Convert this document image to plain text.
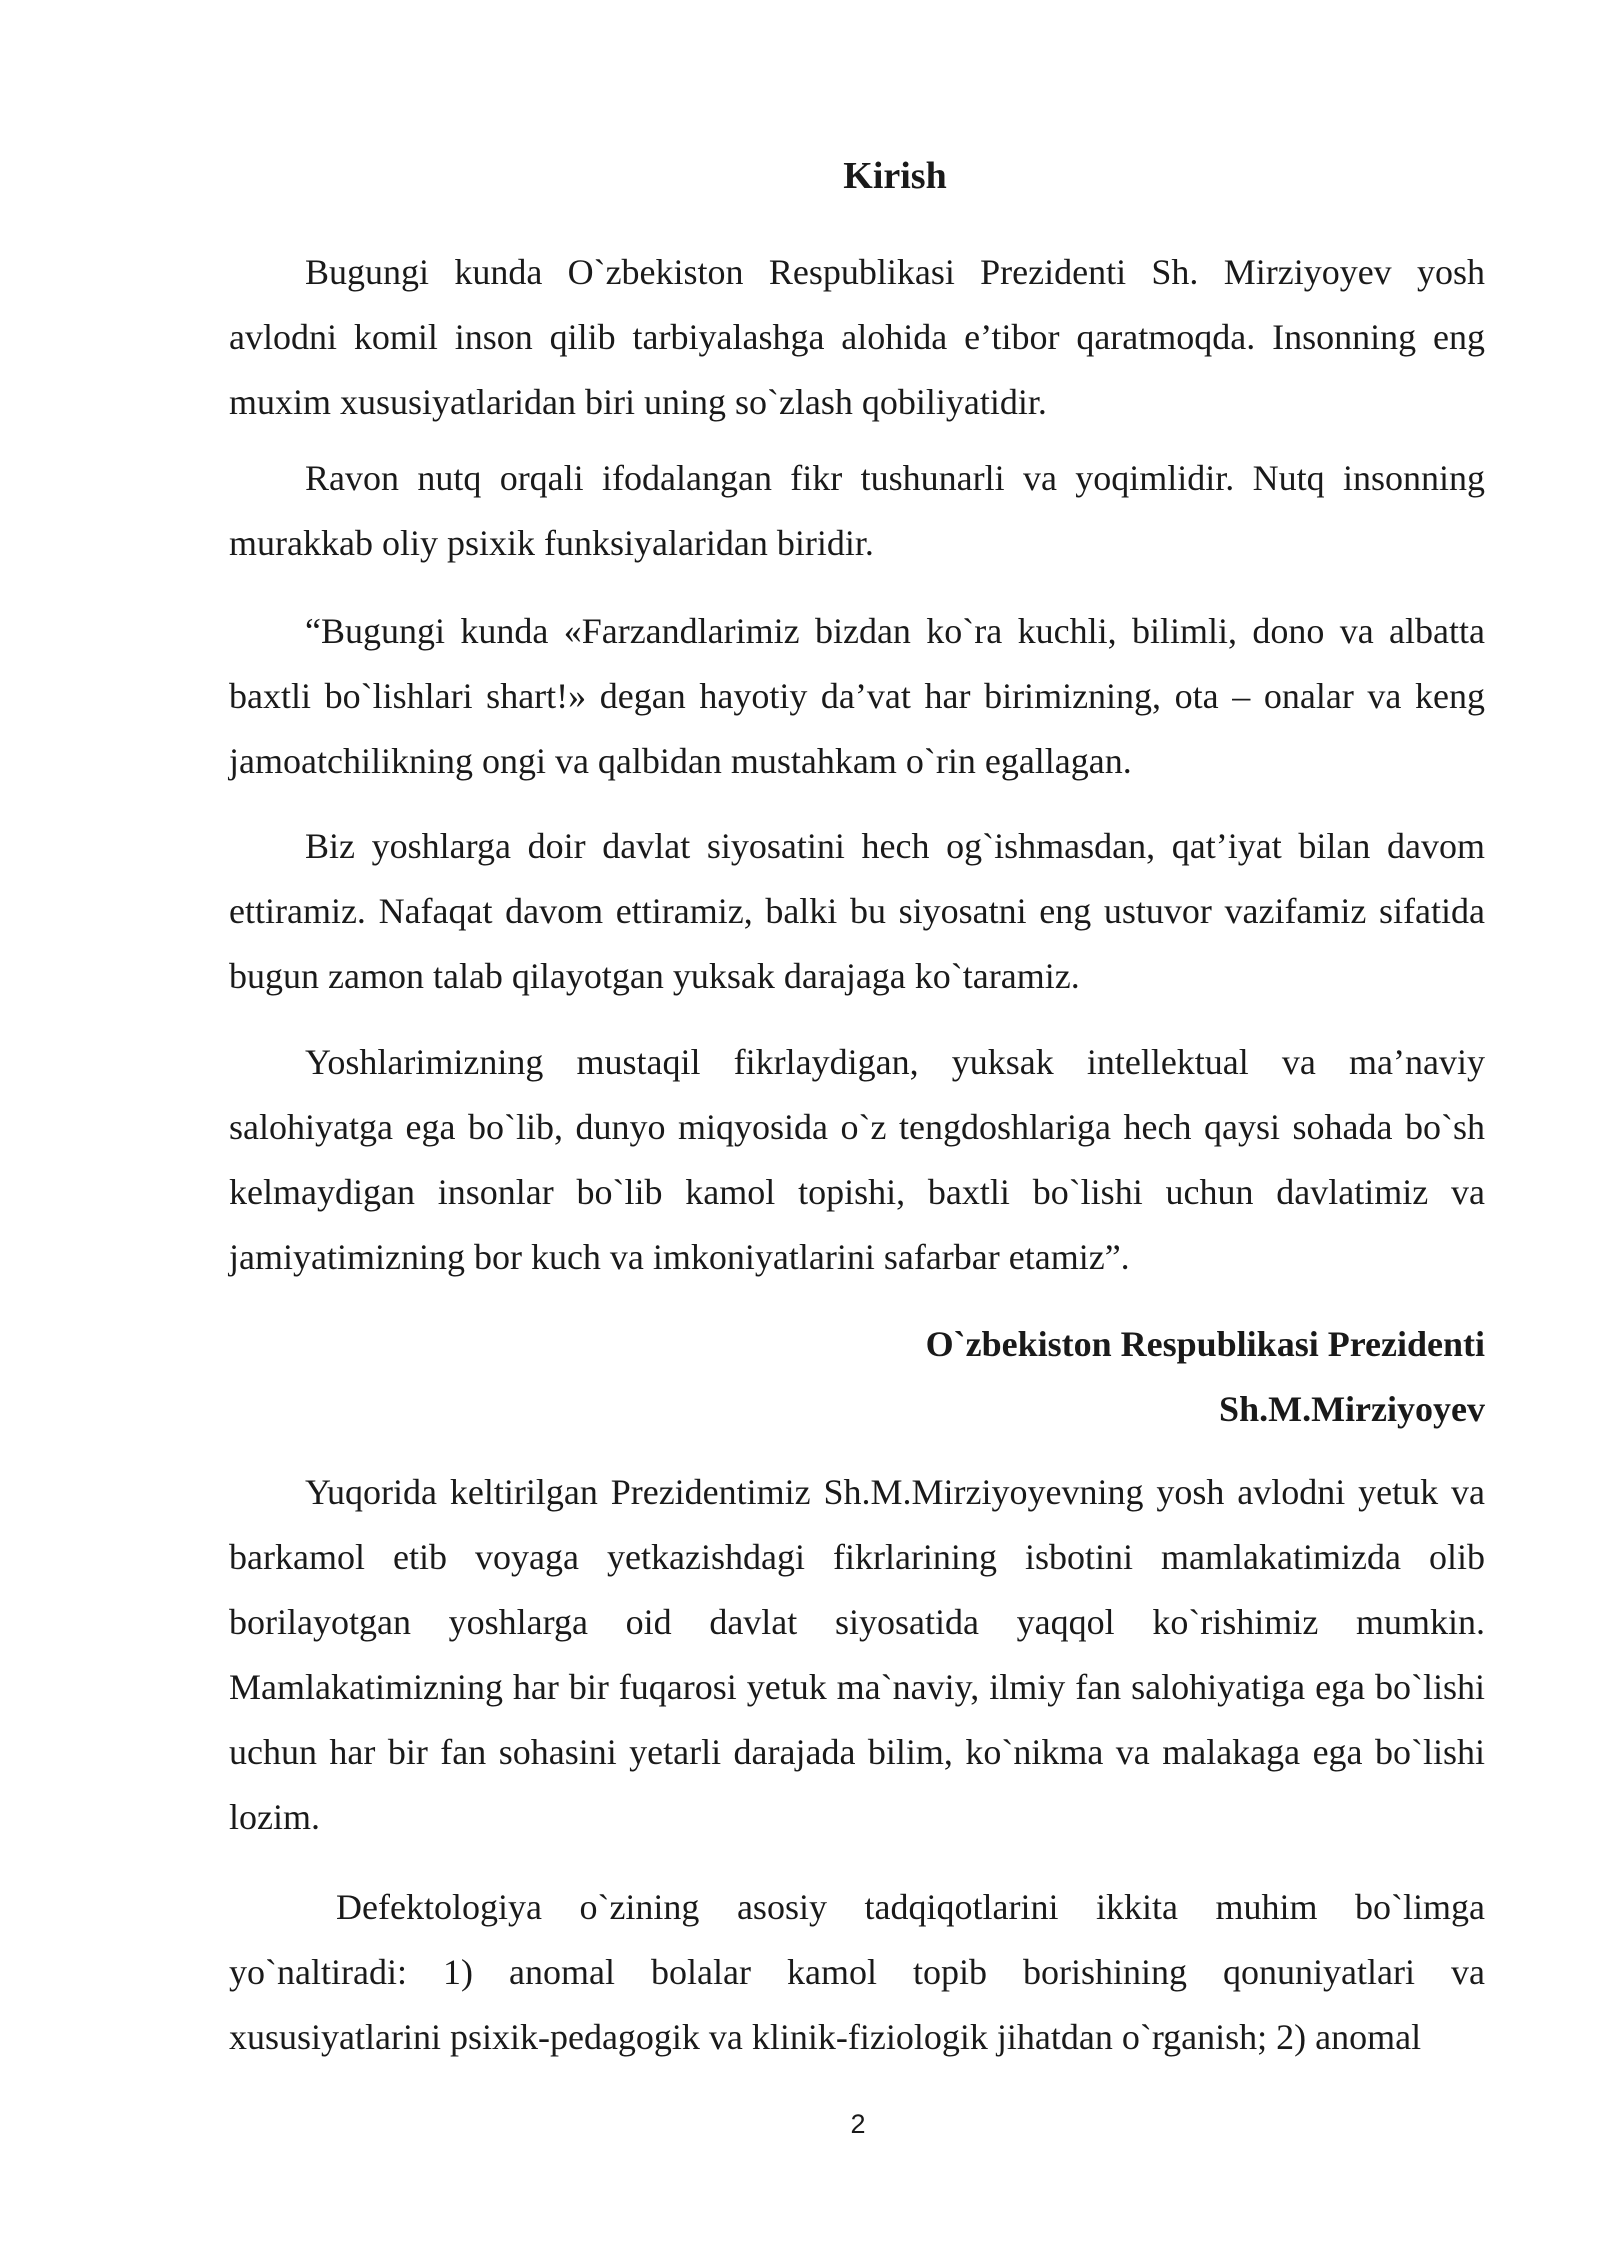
Kirish

Bugungi kunda O`zbekiston Respublikasi Prezidenti Sh. Mirziyoyev yosh avlodni komil inson qilib tarbiyalashga alohida e’tibor qaratmoqda. Insonning eng muxim xususiyatlaridan biri uning so`zlash qobiliyatidir.

Ravon nutq orqali ifodalangan fikr tushunarli va yoqimlidir. Nutq insonning murakkab oliy psixik funksiyalaridan biridir.

“Bugungi kunda «Farzandlarimiz bizdan ko`ra kuchli, bilimli, dono va albatta baxtli bo`lishlari shart!» degan hayotiy da’vat har birimizning, ota – onalar va keng jamoatchilikning ongi va qalbidan mustahkam o`rin egallagan.

Biz yoshlarga doir davlat siyosatini hech og`ishmasdan, qat’iyat bilan davom ettiramiz. Nafaqat davom ettiramiz, balki bu siyosatni eng ustuvor vazifamiz sifatida bugun zamon talab qilayotgan yuksak darajaga ko`taramiz.

Yoshlarimizning mustaqil fikrlaydigan, yuksak intellektual va ma’naviy salohiyatga ega bo`lib, dunyo miqyosida o`z tengdoshlariga hech qaysi sohada bo`sh kelmaydigan insonlar bo`lib kamol topishi, baxtli bo`lishi uchun davlatimiz va jamiyatimizning bor kuch va imkoniyatlarini safarbar etamiz”.

O`zbekiston Respublikasi Prezidenti
Sh.M.Mirziyoyev

Yuqorida keltirilgan Prezidentimiz Sh.M.Mirziyoyevning yosh avlodni yetuk va barkamol etib voyaga yetkazishdagi fikrlarining isbotini mamlakatimizda olib borilayotgan yoshlarga oid davlat siyosatida yaqqol ko`rishimiz mumkin. Mamlakatimizning har bir fuqarosi yetuk ma`naviy, ilmiy fan salohiyatiga ega bo`lishi uchun har bir fan sohasini yetarli darajada bilim, ko`nikma va malakaga ega bo`lishi lozim.

Defektologiya o`zining asosiy tadqiqotlarini ikkita muhim bo`limga yo`naltiradi: 1) anomal bolalar kamol topib borishining qonuniyatlari va xususiyatlarini psixik-pedagogik va klinik-fiziologik jihatdan o`rganish; 2) anomal

2
